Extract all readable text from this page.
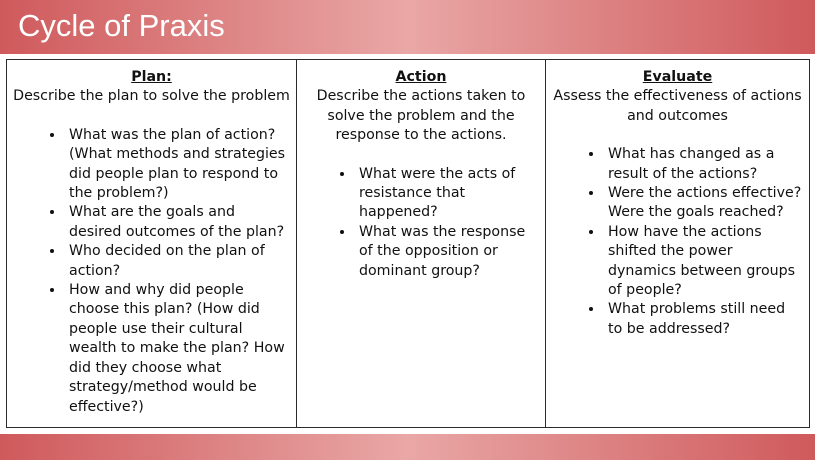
Cycle of Praxis

Plan:

Describe the plan to solve the problem

• What was the plan of action? (What methods and strategies did people plan to respond to the problem?)
• What are the goals and desired outcomes of the plan?
• Who decided on the plan of action?
• How and why did people choose this plan? (How did people use their cultural wealth to make the plan? How did they choose what strategy/method would be effective?)

Action

Describe the actions taken to solve the problem and the response to the actions.

• What were the acts of resistance that happened?
• What was the response of the opposition or dominant group?

Evaluate

Assess the effectiveness of actions and outcomes

• What has changed as a result of the actions?
• Were the actions effective? Were the goals reached?
• How have the actions shifted the power dynamics between groups of people?
• What problems still need to be addressed?
